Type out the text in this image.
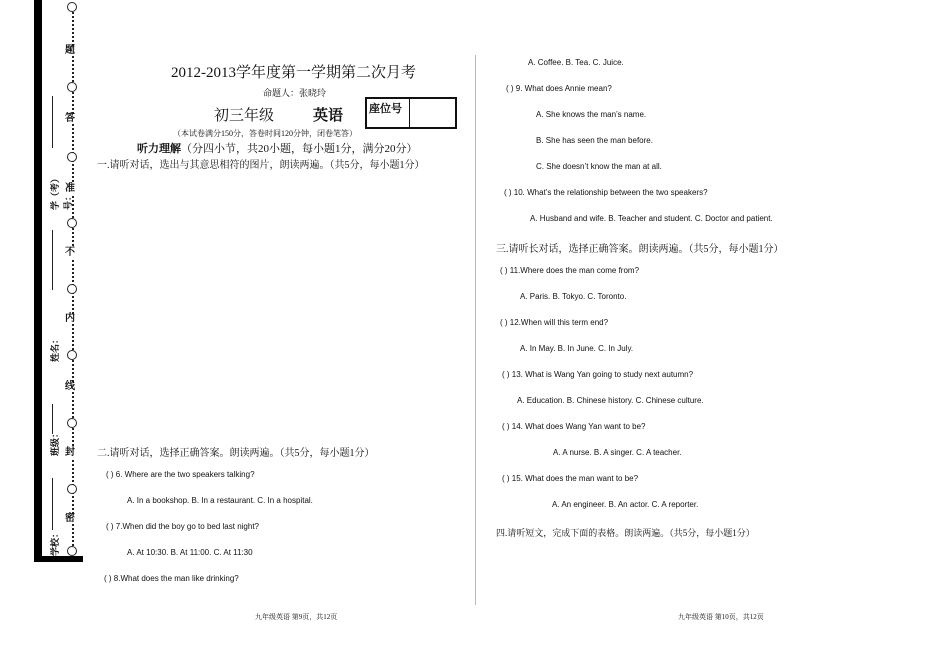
题
答
准
不
内
线
封
密
学（考）号：
姓名：
班级：
学校：
2012-2013学年度第一学期第二次月考
命题人：张晓玲
初三年级	英语 座位号
（本试卷满分150分，答卷时间120分钟，闭卷笔答）
听力理解（分四小节，共20小题，每小题1分，满分20分）
一.请听对话，选出与其意思相符的图片，朗读两遍。（共5分，每小题1分）
二.请听对话，选择正确答案。朗读两遍。（共5分，每小题1分）
( ) 6. Where are the two speakers talking?
A. In a bookshop. B. In a restaurant. C. In a hospital.
( ) 7.When did the boy go to bed last night?
A. At 10:30. B. At 11:00. C. At 11:30
( ) 8.What does the man like drinking?
A. Coffee. B. Tea. C. Juice.
( ) 9. What does Annie mean?
A. She knows the man’s name.
B. She has seen the man before.
C. She doesn’t know the man at all.
( ) 10. What’s the relationship between the two speakers?
A. Husband and wife. B. Teacher and student. C. Doctor and patient.
三.请听长对话，选择正确答案。朗读两遍。（共5分，每小题1分）
( ) 11.Where does the man come from?
A. Paris. B. Tokyo. C. Toronto.
( ) 12.When will this term end?
A. In May. B. In June. C. In July.
( ) 13. What is Wang Yan going to study next autumn?
A. Education. B. Chinese history. C. Chinese culture.
( ) 14. What does Wang Yan want to be?
A. A nurse. B. A singer. C. A teacher.
( ) 15. What does the man want to be?
A. An engineer. B. An actor. C. A reporter.
四.请听短文，完成下面的表格。朗读两遍。（共5分，每小题1分）
九年级英语 第9页，共12页	九年级英语 第10页，共12页
